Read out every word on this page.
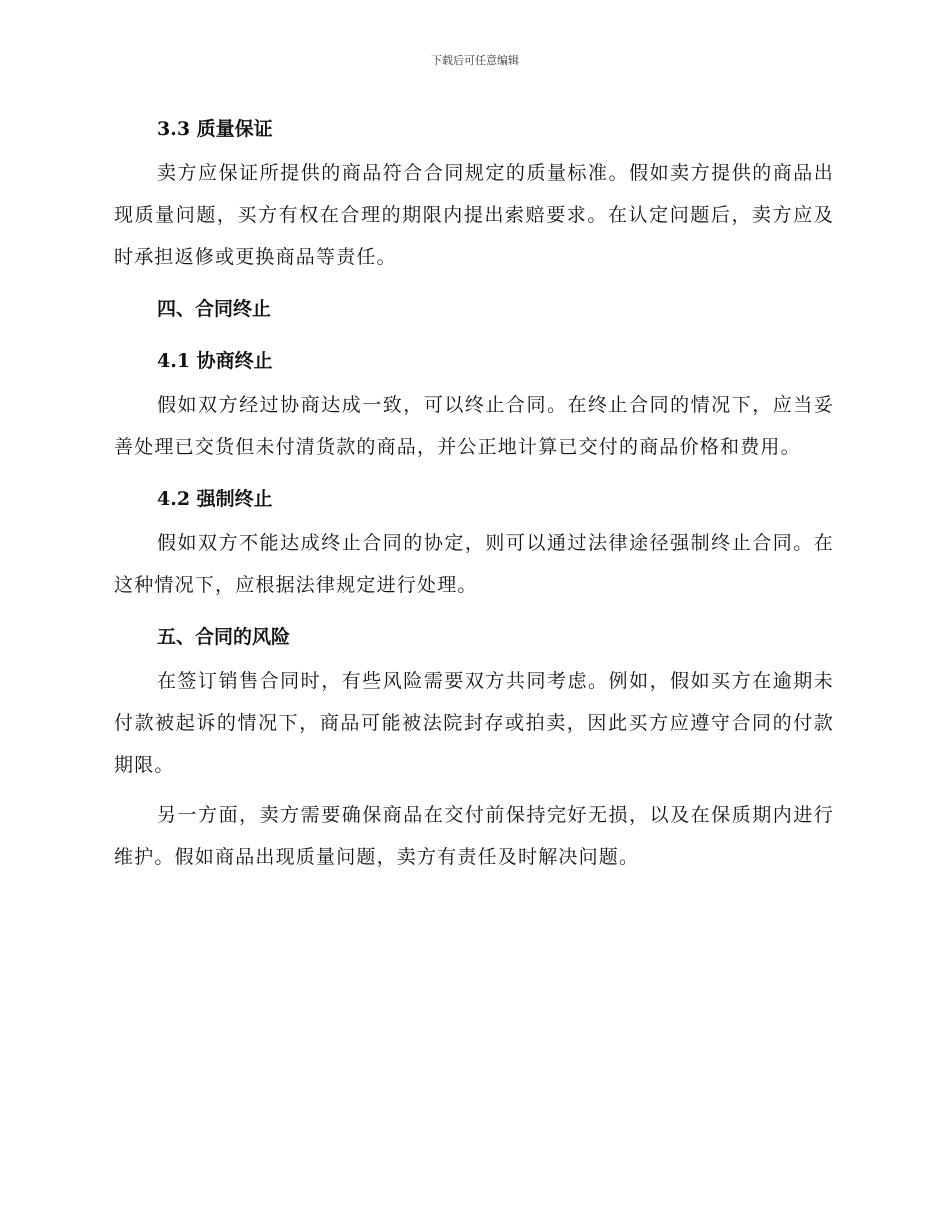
下载后可任意编辑

3.3 质量保证

卖方应保证所提供的商品符合合同规定的质量标准。假如卖方提供的商品出现质量问题，买方有权在合理的期限内提出索赔要求。在认定问题后，卖方应及时承担返修或更换商品等责任。

四、合同终止

4.1 协商终止

假如双方经过协商达成一致，可以终止合同。在终止合同的情况下，应当妥善处理已交货但未付清货款的商品，并公正地计算已交付的商品价格和费用。

4.2 强制终止

假如双方不能达成终止合同的协定，则可以通过法律途径强制终止合同。在这种情况下，应根据法律规定进行处理。

五、合同的风险

在签订销售合同时，有些风险需要双方共同考虑。例如，假如买方在逾期未付款被起诉的情况下，商品可能被法院封存或拍卖，因此买方应遵守合同的付款期限。

另一方面，卖方需要确保商品在交付前保持完好无损，以及在保质期内进行维护。假如商品出现质量问题，卖方有责任及时解决问题。
